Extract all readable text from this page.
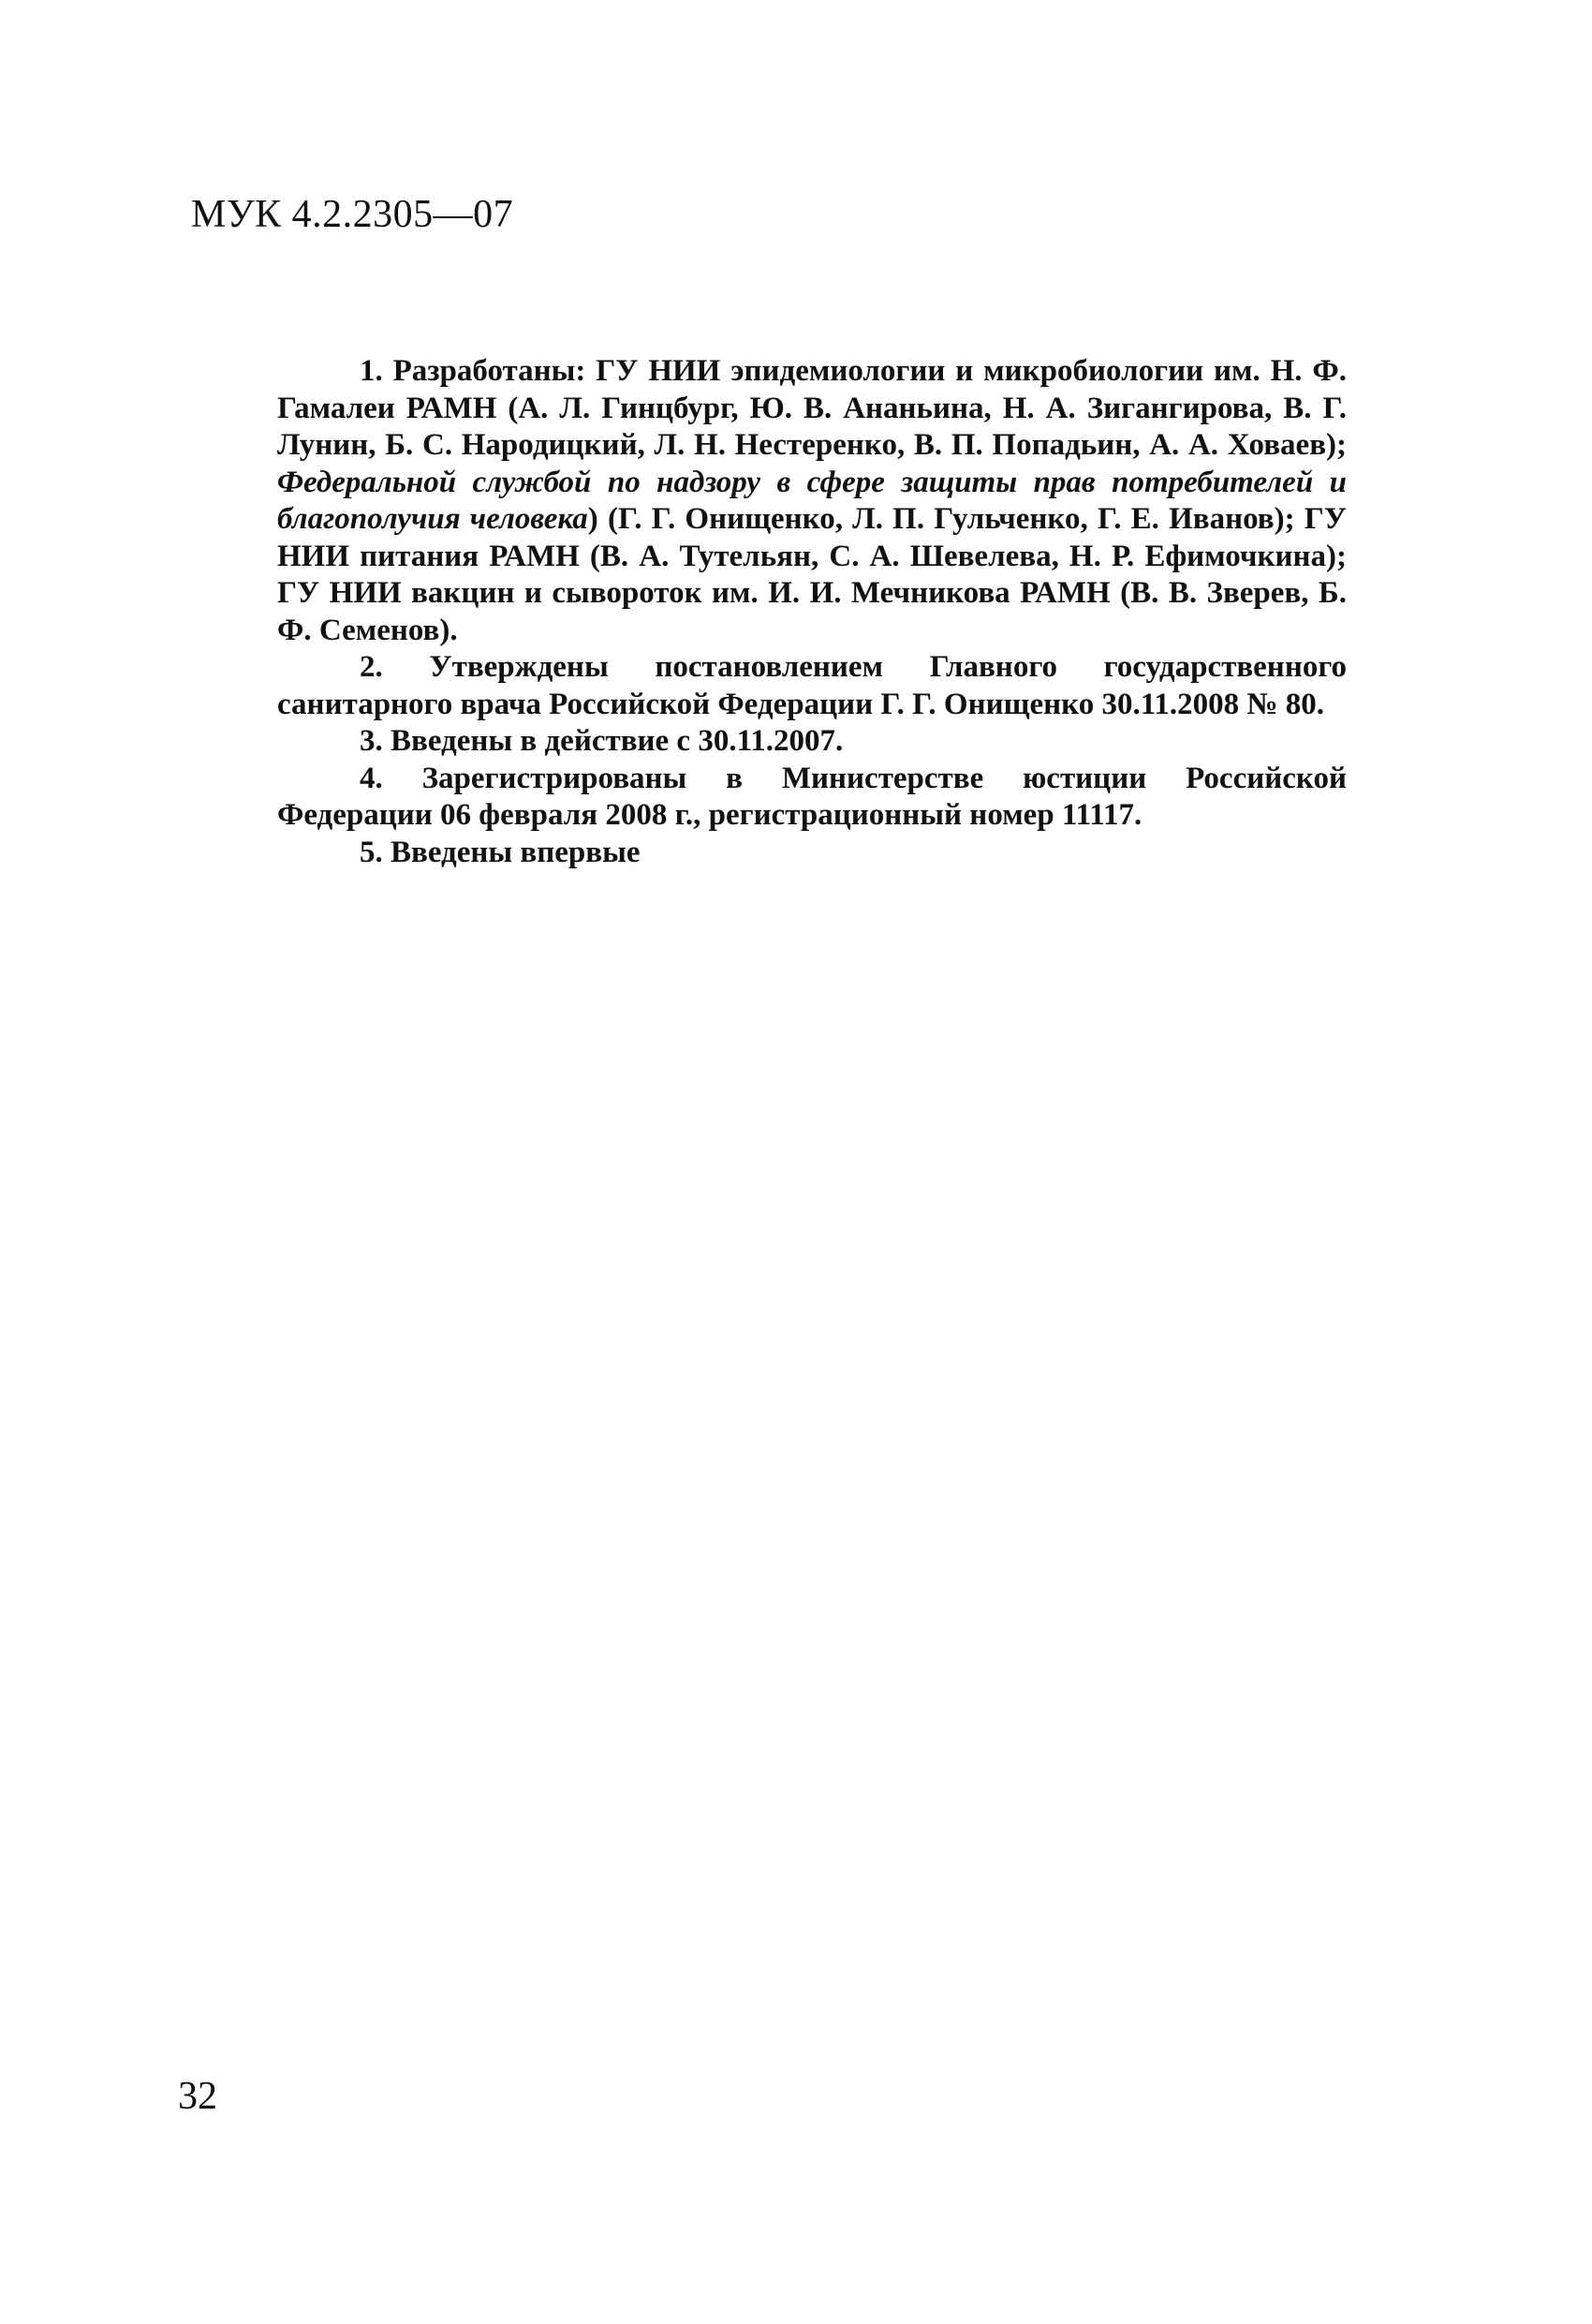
МУК 4.2.2305—07

1. Разработаны: ГУ НИИ эпидемиологии и микробиологии им. Н. Ф. Гамалеи РАМН (А. Л. Гинцбург, Ю. В. Ананьина, Н. А. Зигангирова, В. Г. Лунин, Б. С. Народицкий, Л. Н. Нестеренко, В. П. Попадьин, А. А. Ховаев); Федеральной службой по надзору в сфере защиты прав потребителей и благополучия человека) (Г. Г. Онищенко, Л. П. Гульченко, Г. Е. Иванов); ГУ НИИ питания РАМН (В. А. Тутельян, С. А. Шевелева, Н. Р. Ефимочкина); ГУ НИИ вакцин и сывороток им. И. И. Мечникова РАМН (В. В. Зверев, Б. Ф. Семенов).

2. Утверждены постановлением Главного государственного санитарного врача Российской Федерации Г. Г. Онищенко 30.11.2008 № 80.

3. Введены в действие с 30.11.2007.

4. Зарегистрированы в Министерстве юстиции Российской Федерации 06 февраля 2008 г., регистрационный номер 11117.

5. Введены впервые

32
